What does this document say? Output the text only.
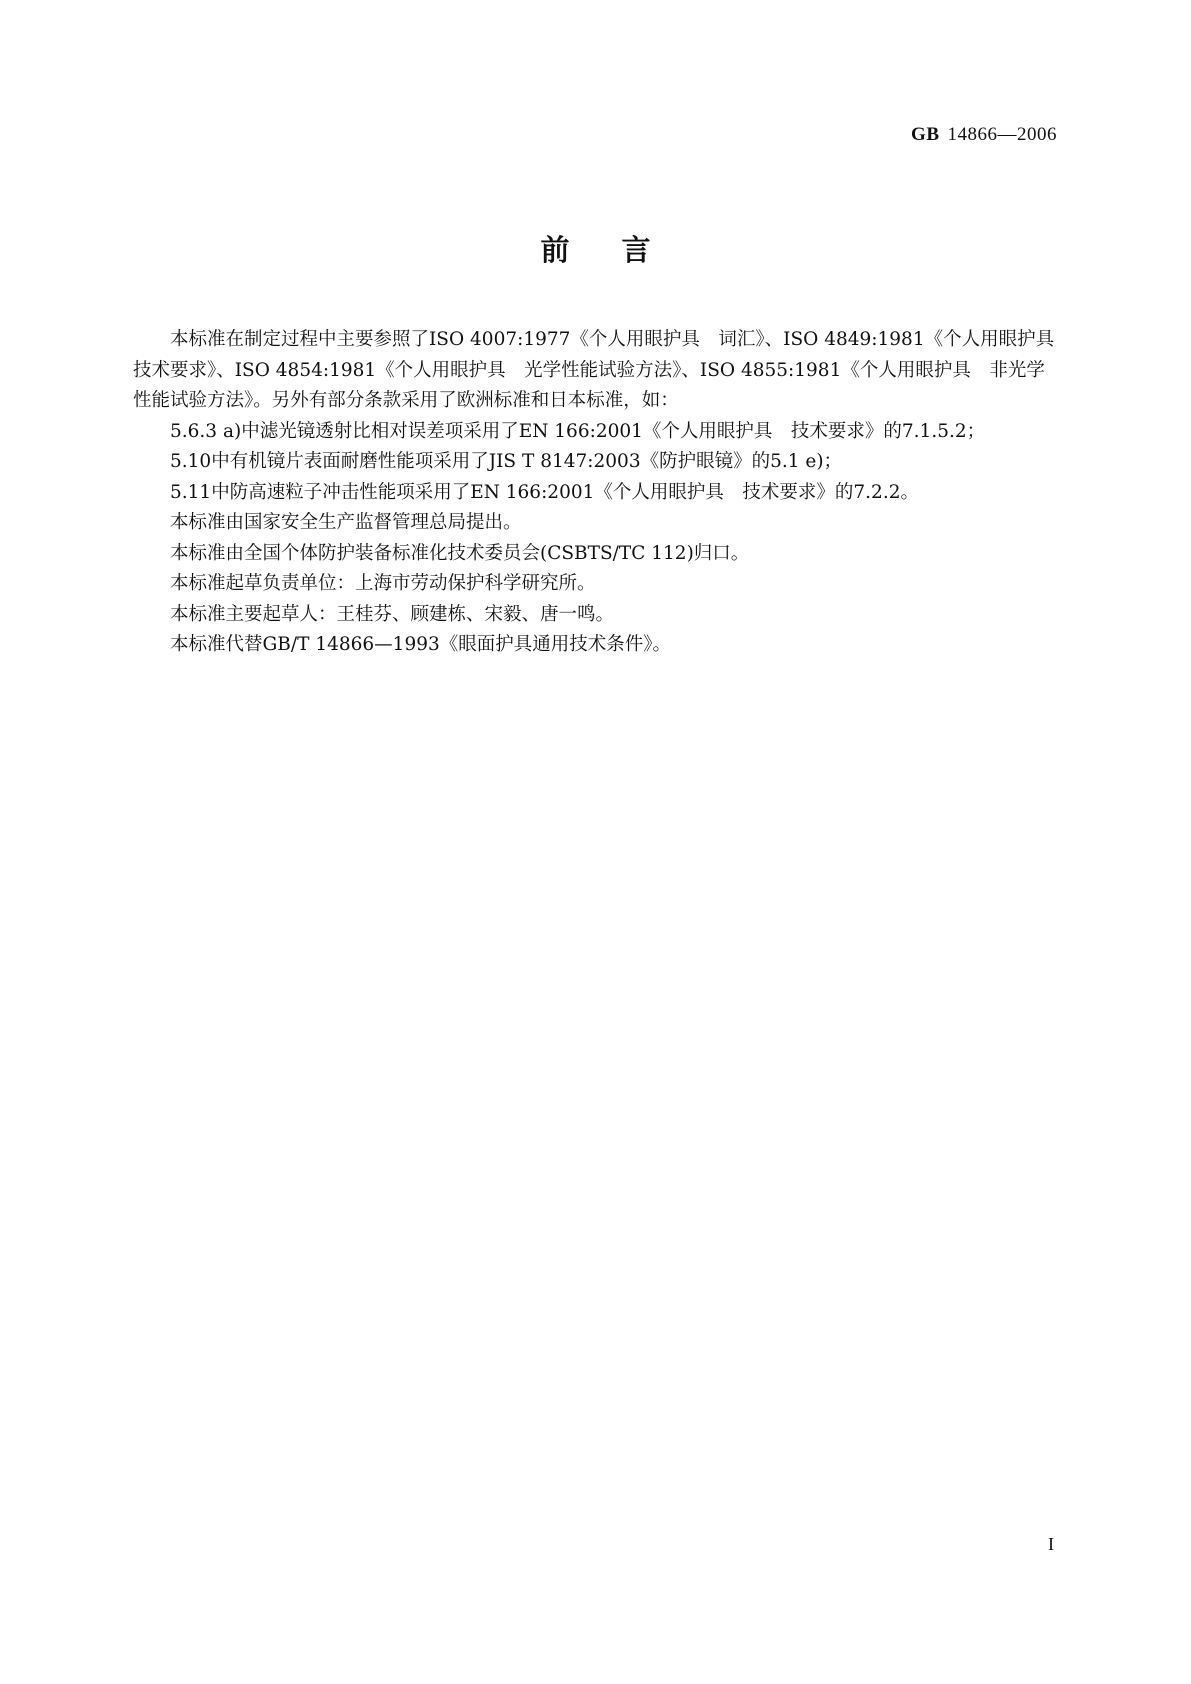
GB 14866—2006
前言

本标准在制定过程中主要参照了ISO 4007:1977《个人用眼护具　词汇》、ISO 4849:1981《个人用眼护具　技术要求》、ISO 4854:1981《个人用眼护具　光学性能试验方法》、ISO 4855:1981《个人用眼护具　非光学性能试验方法》。另外有部分条款采用了欧洲标准和日本标准，如：

5.6.3 a)中滤光镜透射比相对误差项采用了EN 166:2001《个人用眼护具　技术要求》的7.1.5.2；

5.10中有机镜片表面耐磨性能项采用了JIS T 8147:2003《防护眼镜》的5.1 e)；

5.11中防高速粒子冲击性能项采用了EN 166:2001《个人用眼护具　技术要求》的7.2.2。

本标准由国家安全生产监督管理总局提出。

本标准由全国个体防护装备标准化技术委员会(CSBTS/TC 112)归口。

本标准起草负责单位：上海市劳动保护科学研究所。

本标准主要起草人：王桂芬、顾建栋、宋毅、唐一鸣。

本标准代替GB/T 14866—1993《眼面护具通用技术条件》。

I
